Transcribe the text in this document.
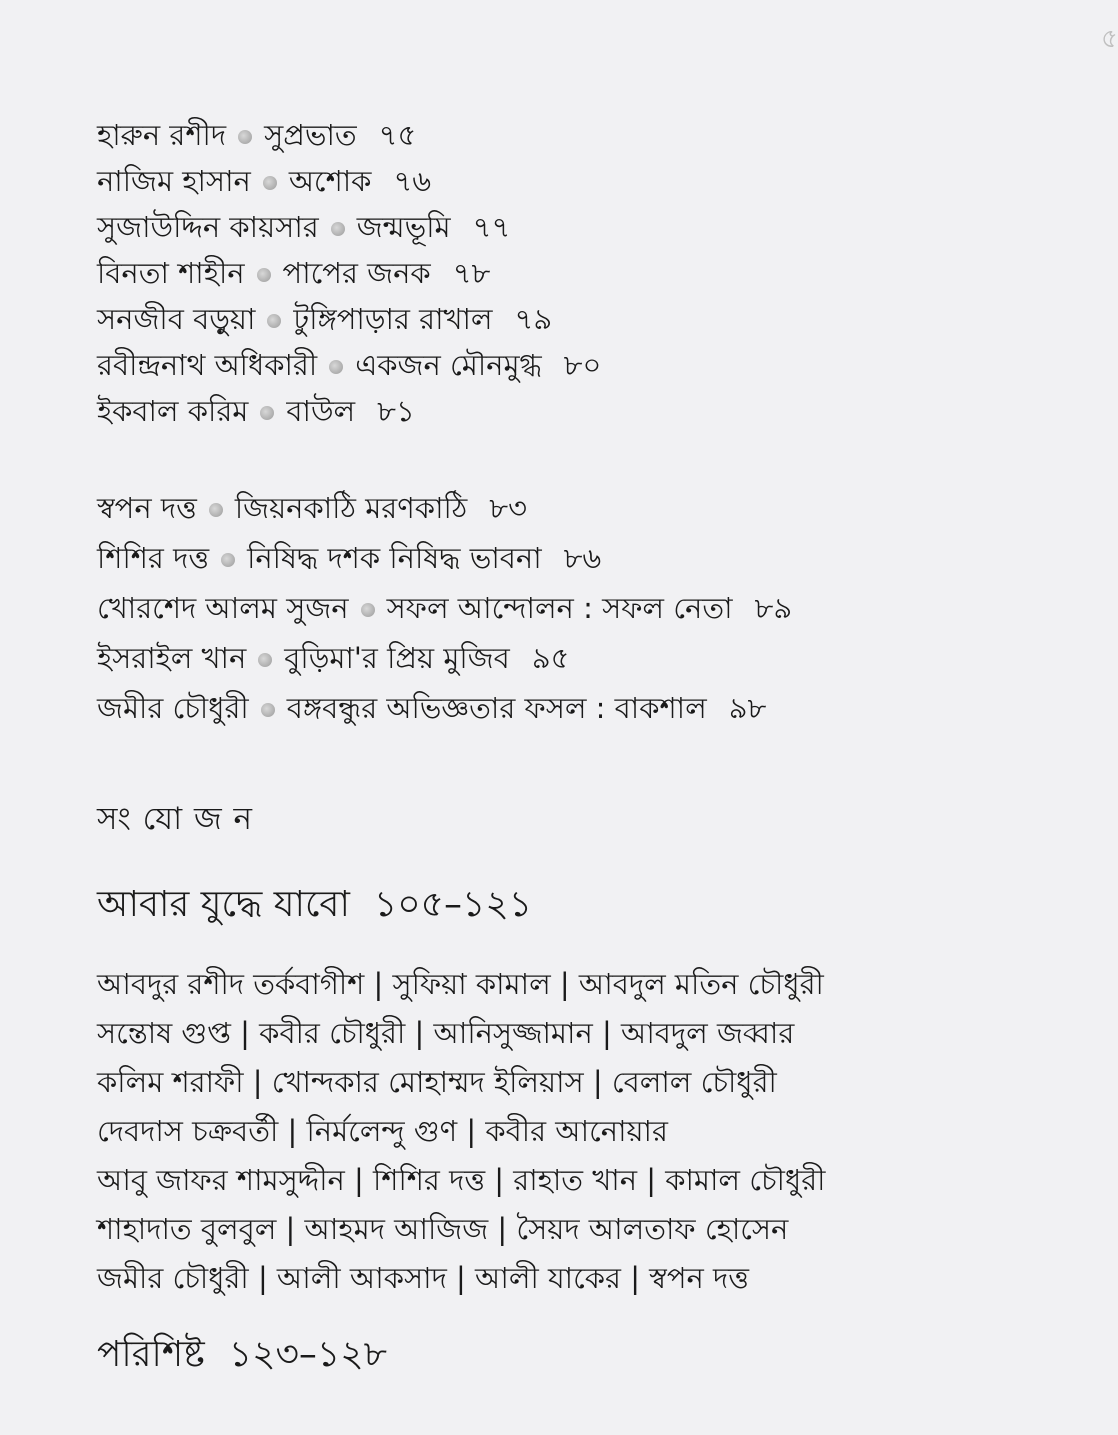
৫
হারুন রশীদ সুপ্রভাত ৭৫
নাজিম হাসান অশোক ৭৬
সুজাউদ্দিন কায়সার জন্মভূমি ৭৭
বিনতা শাহীন পাপের জনক ৭৮
সনজীব বড়ুয়া টুঙ্গিপাড়ার রাখাল ৭৯
রবীন্দ্রনাথ অধিকারী একজন মৌনমুগ্ধ ৮০
ইকবাল করিম বাউল ৮১
স্বপন দত্ত জিয়নকাঠি মরণকাঠি ৮৩
শিশির দত্ত নিষিদ্ধ দশক নিষিদ্ধ ভাবনা ৮৬
খোরশেদ আলম সুজন সফল আন্দোলন : সফল নেতা ৮৯
ইসরাইল খান বুড়িমা'র প্রিয় মুজিব ৯৫
জমীর চৌধুরী বঙ্গবন্ধুর অভিজ্ঞতার ফসল : বাকশাল ৯৮
সং যো জ ন
আবার যুদ্ধে যাবো ১০৫–১২১
আবদুর রশীদ তর্কবাগীশ | সুফিয়া কামাল | আবদুল মতিন চৌধুরী
সন্তোষ গুপ্ত | কবীর চৌধুরী | আনিসুজ্জামান | আবদুল জব্বার
কলিম শরাফী | খোন্দকার মোহাম্মদ ইলিয়াস | বেলাল চৌধুরী
দেবদাস চক্রবর্তী | নির্মলেন্দু গুণ | কবীর আনোয়ার
আবু জাফর শামসুদ্দীন | শিশির দত্ত | রাহাত খান | কামাল চৌধুরী
শাহাদাত বুলবুল | আহমদ আজিজ | সৈয়দ আলতাফ হোসেন
জমীর চৌধুরী | আলী আকসাদ | আলী যাকের | স্বপন দত্ত
পরিশিষ্ট ১২৩–১২৮
